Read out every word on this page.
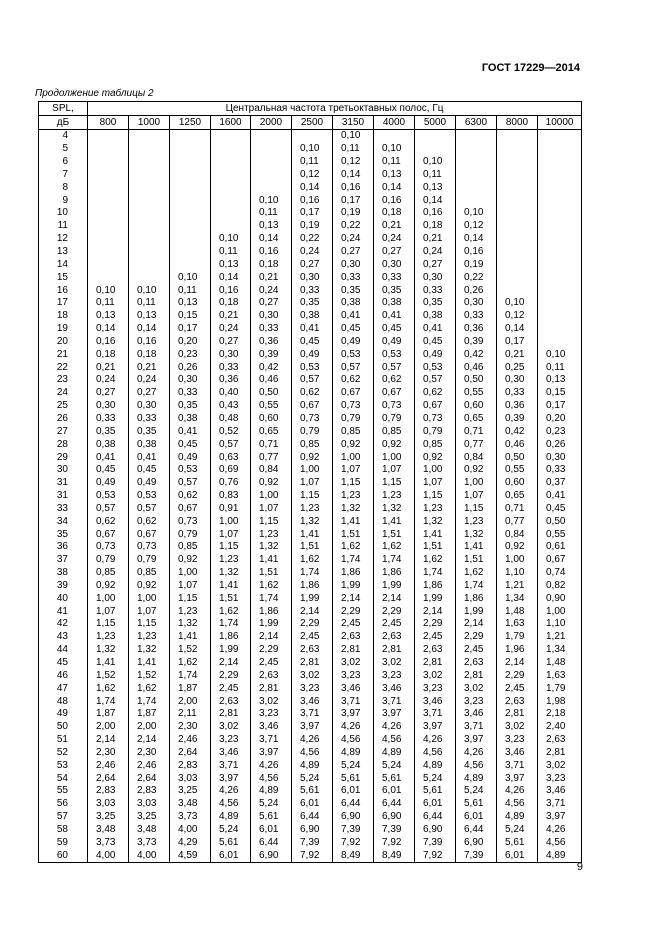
ГОСТ 17229—2014
Продолжение таблицы 2
SPL,	Центральная частота третьоктавных полос, Гц											
дБ	800	1000	1250	1600	2000	2500	3150	4000	5000	6300	8000	10000
4							0,10					
5						0,10	0,11	0,10				
6						0,11	0,12	0,11	0,10			
7						0,12	0,14	0,13	0,11			
8						0,14	0,16	0,14	0,13			
9					0,10	0,16	0,17	0,16	0,14			
10					0,11	0,17	0,19	0,18	0,16	0,10		
11					0,13	0,19	0,22	0,21	0,18	0,12		
12				0,10	0,14	0,22	0,24	0,24	0,21	0,14		
13				0,11	0,16	0,24	0,27	0,27	0,24	0,16		
14				0,13	0,18	0,27	0,30	0,30	0,27	0,19		
15			0,10	0,14	0,21	0,30	0,33	0,33	0,30	0,22		
16	0,10	0,10	0,11	0,16	0,24	0,33	0,35	0,35	0,33	0,26		
17	0,11	0,11	0,13	0,18	0,27	0,35	0,38	0,38	0,35	0,30	0,10	
18	0,13	0,13	0,15	0,21	0,30	0,38	0,41	0,41	0,38	0,33	0,12	
19	0,14	0,14	0,17	0,24	0,33	0,41	0,45	0,45	0,41	0,36	0,14	
20	0,16	0,16	0,20	0,27	0,36	0,45	0,49	0,49	0,45	0,39	0,17	
21	0,18	0,18	0,23	0,30	0,39	0,49	0,53	0,53	0,49	0,42	0,21	0,10
22	0,21	0,21	0,26	0,33	0,42	0,53	0,57	0,57	0,53	0,46	0,25	0,11
23	0,24	0,24	0,30	0,36	0,46	0,57	0,62	0,62	0,57	0,50	0,30	0,13
24	0,27	0,27	0,33	0,40	0,50	0,62	0,67	0,67	0,62	0,55	0,33	0,15
25	0,30	0,30	0,35	0,43	0,55	0,67	0,73	0,73	0,67	0,60	0,36	0,17
26	0,33	0,33	0,38	0,48	0,60	0,73	0,79	0,79	0,73	0,65	0,39	0,20
27	0,35	0,35	0,41	0,52	0,65	0,79	0,85	0,85	0,79	0,71	0,42	0,23
28	0,38	0,38	0,45	0,57	0,71	0,85	0,92	0,92	0,85	0,77	0,46	0,26
29	0,41	0,41	0,49	0,63	0,77	0,92	1,00	1,00	0,92	0,84	0,50	0,30
30	0,45	0,45	0,53	0,69	0,84	1,00	1,07	1,07	1,00	0,92	0,55	0,33
31	0,49	0,49	0,57	0,76	0,92	1,07	1,15	1,15	1,07	1,00	0,60	0,37
31	0,53	0,53	0,62	0,83	1,00	1,15	1,23	1,23	1,15	1,07	0,65	0,41
33	0,57	0,57	0,67	0,91	1,07	1,23	1,32	1,32	1,23	1,15	0,71	0,45
34	0,62	0,62	0,73	1,00	1,15	1,32	1,41	1,41	1,32	1,23	0,77	0,50
35	0,67	0,67	0,79	1,07	1,23	1,41	1,51	1,51	1,41	1,32	0,84	0,55
36	0,73	0,73	0,85	1,15	1,32	1,51	1,62	1,62	1,51	1,41	0,92	0,61
37	0,79	0,79	0,92	1,23	1,41	1,62	1,74	1,74	1,62	1,51	1,00	0,67
38	0,85	0,85	1,00	1,32	1,51	1,74	1,86	1,86	1,74	1,62	1,10	0,74
39	0,92	0,92	1,07	1,41	1,62	1,86	1,99	1,99	1,86	1,74	1,21	0,82
40	1,00	1,00	1,15	1,51	1,74	1,99	2,14	2,14	1,99	1,86	1,34	0,90
41	1,07	1,07	1,23	1,62	1,86	2,14	2,29	2,29	2,14	1,99	1,48	1,00
42	1,15	1,15	1,32	1,74	1,99	2,29	2,45	2,45	2,29	2,14	1,63	1,10
43	1,23	1,23	1,41	1,86	2,14	2,45	2,63	2,63	2,45	2,29	1,79	1,21
44	1,32	1,32	1,52	1,99	2,29	2,63	2,81	2,81	2,63	2,45	1,96	1,34
45	1,41	1,41	1,62	2,14	2,45	2,81	3,02	3,02	2,81	2,63	2,14	1,48
46	1,52	1,52	1,74	2,29	2,63	3,02	3,23	3,23	3,02	2,81	2,29	1,63
47	1,62	1,62	1,87	2,45	2,81	3,23	3,46	3,46	3,23	3,02	2,45	1,79
48	1,74	1,74	2,00	2,63	3,02	3,46	3,71	3,71	3,46	3,23	2,63	1,98
49	1,87	1,87	2,11	2,81	3,23	3,71	3,97	3,97	3,71	3,46	2,81	2,18
50	2,00	2,00	2,30	3,02	3,46	3,97	4,26	4,26	3,97	3,71	3,02	2,40
51	2,14	2,14	2,46	3,23	3,71	4,26	4,56	4,56	4,26	3,97	3,23	2,63
52	2,30	2,30	2,64	3,46	3,97	4,56	4,89	4,89	4,56	4,26	3,46	2,81
53	2,46	2,46	2,83	3,71	4,26	4,89	5,24	5,24	4,89	4,56	3,71	3,02
54	2,64	2,64	3,03	3,97	4,56	5,24	5,61	5,61	5,24	4,89	3,97	3,23
55	2,83	2,83	3,25	4,26	4,89	5,61	6,01	6,01	5,61	5,24	4,26	3,46
56	3,03	3,03	3,48	4,56	5,24	6,01	6,44	6,44	6,01	5,61	4,56	3,71
57	3,25	3,25	3,73	4,89	5,61	6,44	6,90	6,90	6,44	6,01	4,89	3,97
58	3,48	3,48	4,00	5,24	6,01	6,90	7,39	7,39	6,90	6,44	5,24	4,26
59	3,73	3,73	4,29	5,61	6,44	7,39	7,92	7,92	7,39	6,90	5,61	4,56
60	4,00	4,00	4,59	6,01	6,90	7,92	8,49	8,49	7,92	7,39	6,01	4,89
9
